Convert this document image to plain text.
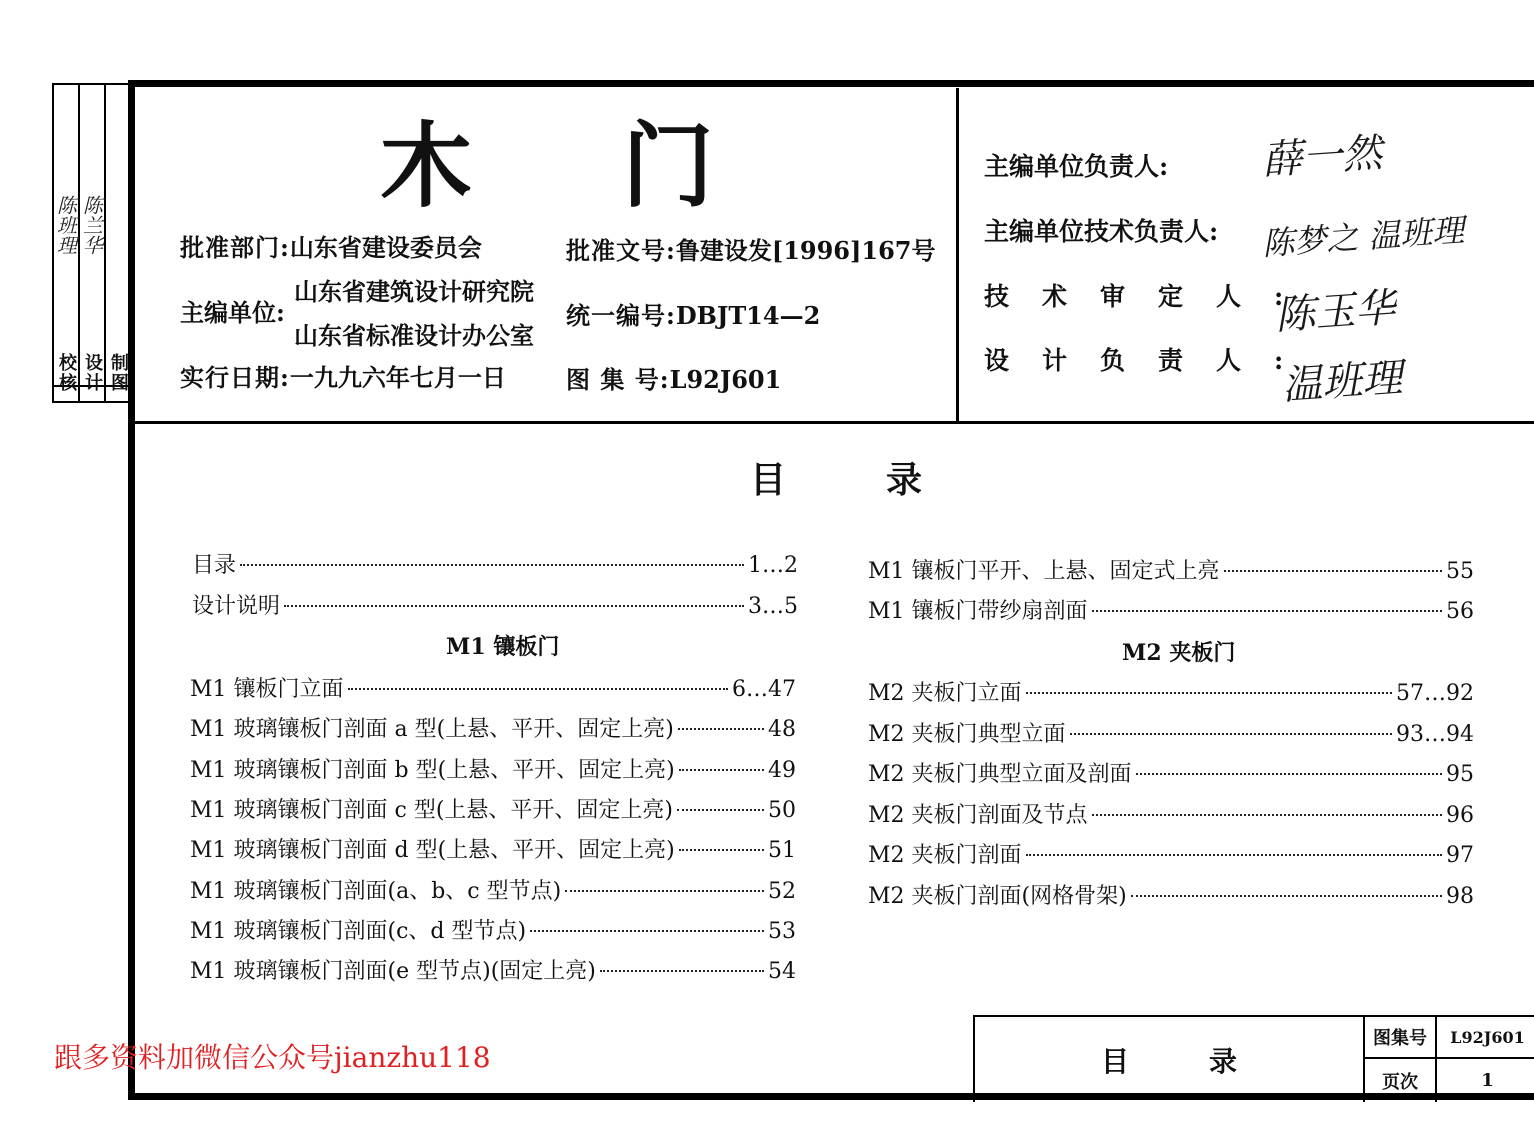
陈班理
校核
陈兰华
设计 制图
木门
批准部门:山东省建设委员会	批准文号:鲁建设发[1996]167号
主编单位:
山东省建筑设计研究院
山东省标准设计办公室
统一编号:DBJT14—2
实行日期:一九九六年七月一日	图 集 号:L92J601
主编单位负责人: 薛一然
主编单位技术负责人: 陈梦之 温班理
技术审定人:
陈玉华
设计负责人:
温班理
目录
目录	1…2
设计说明	3…5
M1 镶板门立面	6…47
M1 玻璃镶板门剖面 a 型(上悬、平开、固定上亮)	48
M1 玻璃镶板门剖面 b 型(上悬、平开、固定上亮)	49
M1 玻璃镶板门剖面 c 型(上悬、平开、固定上亮)	50
M1 玻璃镶板门剖面 d 型(上悬、平开、固定上亮)	51
M1 玻璃镶板门剖面(a、b、c 型节点)	52
M1 玻璃镶板门剖面(c、d 型节点)	53
M1 玻璃镶板门剖面(e 型节点)(固定上亮)	54
M1 镶板门平开、上悬、固定式上亮	55
M1 镶板门带纱扇剖面	56
M2 夹板门立面	57…92
M2 夹板门典型立面	93…94
M2 夹板门典型立面及剖面	95
M2 夹板门剖面及节点	96
M2 夹板门剖面	97
M2 夹板门剖面(网格骨架)	98
M1 镶板门	M2 夹板门
目录
图集号	L92J601
页次	1
跟多资料加微信公众号jianzhu118
